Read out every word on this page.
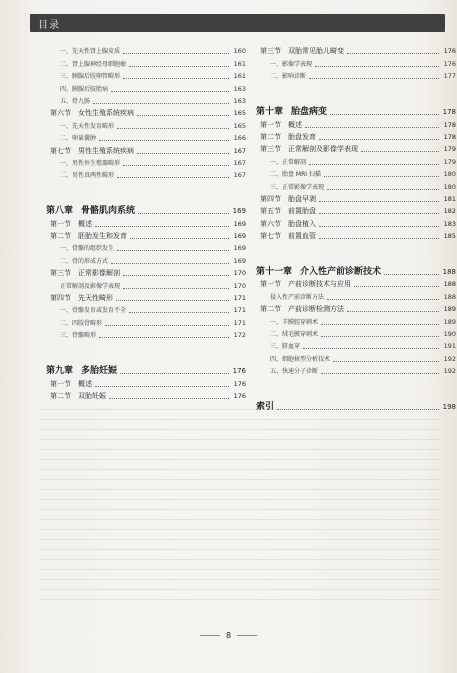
目录
一、先天性肾上腺皮质	160
二、肾上腺神经母细胞瘤	161
三、胰腺后肢卵管畸形	161
四、胰腺后肢胎病	163
五、骨九肠	163
第六节 女性生殖系统疾病	165
一、先天性发育畸形	165
二、卵巢囊肿	166
第七节 男性生殖系统疾病	167
一、男性外生殖器畸形	167
二、男性真两性畸形	167
第八章 骨骼肌肉系统	169
第一节 概述	169
第二节 胚胎发生和发育	169
一、骨骼的组织发生	169
二、骨的形成方式	169
第三节 正常影像解剖	170
正常解剖及影像学表现	170
第四节 先天性畸形	171
一、骨骼发育或发育不全	171
二、四肢骨畸形	171
三、骨骼畸形	172
第九章 多胎妊娠	176
第一节 概述	176
第二节 双胎妊娠	176
第三节 双胎常见胎儿畸变	176
一、影像学表现	176
二、影响诊断	177
第十章 胎盘病变	178
第一节 概述	178
第二节 胎盘发育	178
第三节 正常解剖及影像学表现	179
一、正常解剖	179
二、胎盘 MRI 扫描	180
三、正常影像学表现	180
第四节 胎盘早剥	181
第五节 前置胎盘	182
第六节 胎盘植入	183
第七节 前置血管	185
第十一章 介入性产前诊断技术	188
第一节 产前诊断技术与应用	188
侵入性产前诊断方法	188
第二节 产前诊断检测方法	189
一、羊膜腔穿刺术	189
二、绒毛膜穿刺术	190
三、脐血穿	191
四、细胞核型分析技术	192
五、快速分子诊断	192
索引	198
8
